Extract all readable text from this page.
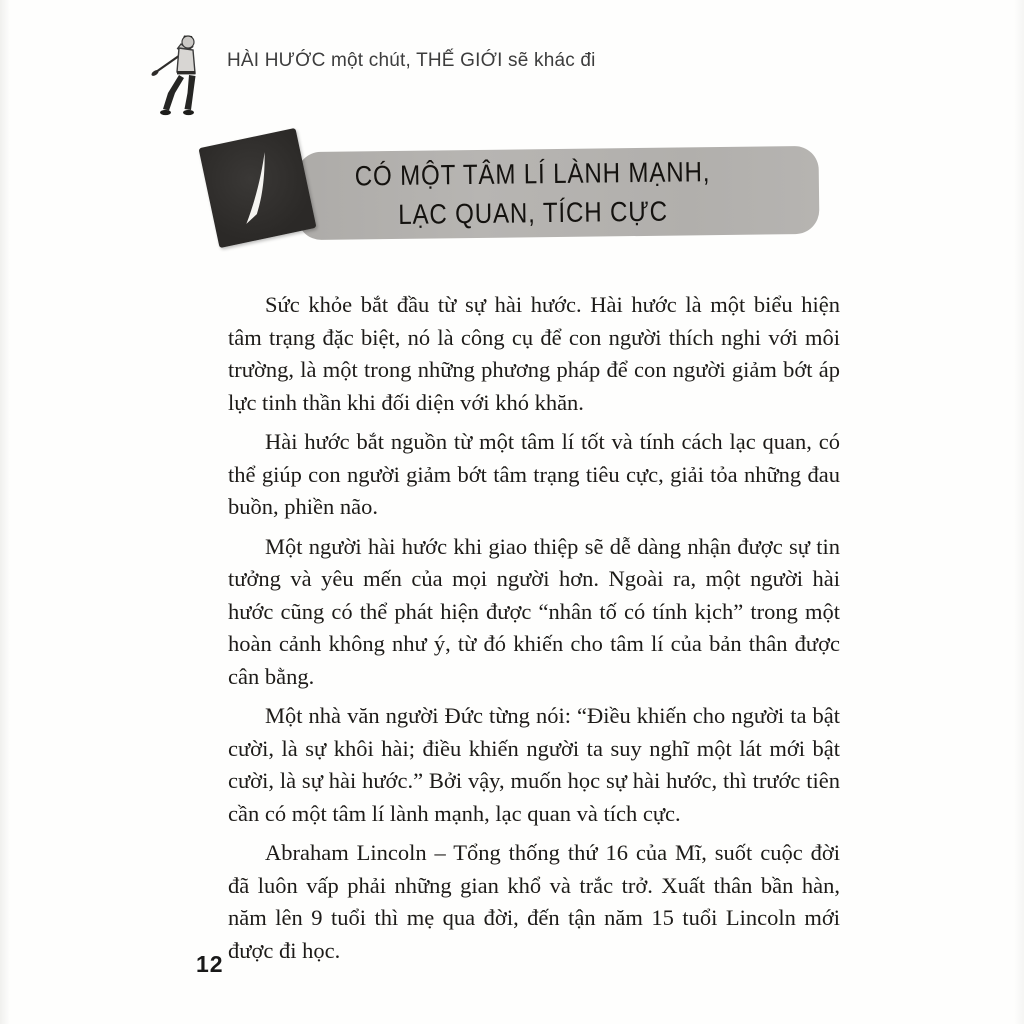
HÀI HƯỚC một chút, THẾ GIỚI sẽ khác đi
CÓ MỘT TÂM LÍ LÀNH MẠNH,
LẠC QUAN, TÍCH CỰC

Sức khỏe bắt đầu từ sự hài hước. Hài hước là một biểu hiện tâm trạng đặc biệt, nó là công cụ để con người thích nghi với môi trường, là một trong những phương pháp để con người giảm bớt áp lực tinh thần khi đối diện với khó khăn.

Hài hước bắt nguồn từ một tâm lí tốt và tính cách lạc quan, có thể giúp con người giảm bớt tâm trạng tiêu cực, giải tỏa những đau buồn, phiền não.

Một người hài hước khi giao thiệp sẽ dễ dàng nhận được sự tin tưởng và yêu mến của mọi người hơn. Ngoài ra, một người hài hước cũng có thể phát hiện được “nhân tố có tính kịch” trong một hoàn cảnh không như ý, từ đó khiến cho tâm lí của bản thân được cân bằng.

Một nhà văn người Đức từng nói: “Điều khiến cho người ta bật cười, là sự khôi hài; điều khiến người ta suy nghĩ một lát mới bật cười, là sự hài hước.” Bởi vậy, muốn học sự hài hước, thì trước tiên cần có một tâm lí lành mạnh, lạc quan và tích cực.

Abraham Lincoln – Tổng thống thứ 16 của Mĩ, suốt cuộc đời đã luôn vấp phải những gian khổ và trắc trở. Xuất thân bần hàn, năm lên 9 tuổi thì mẹ qua đời, đến tận năm 15 tuổi Lincoln mới được đi học.

12
